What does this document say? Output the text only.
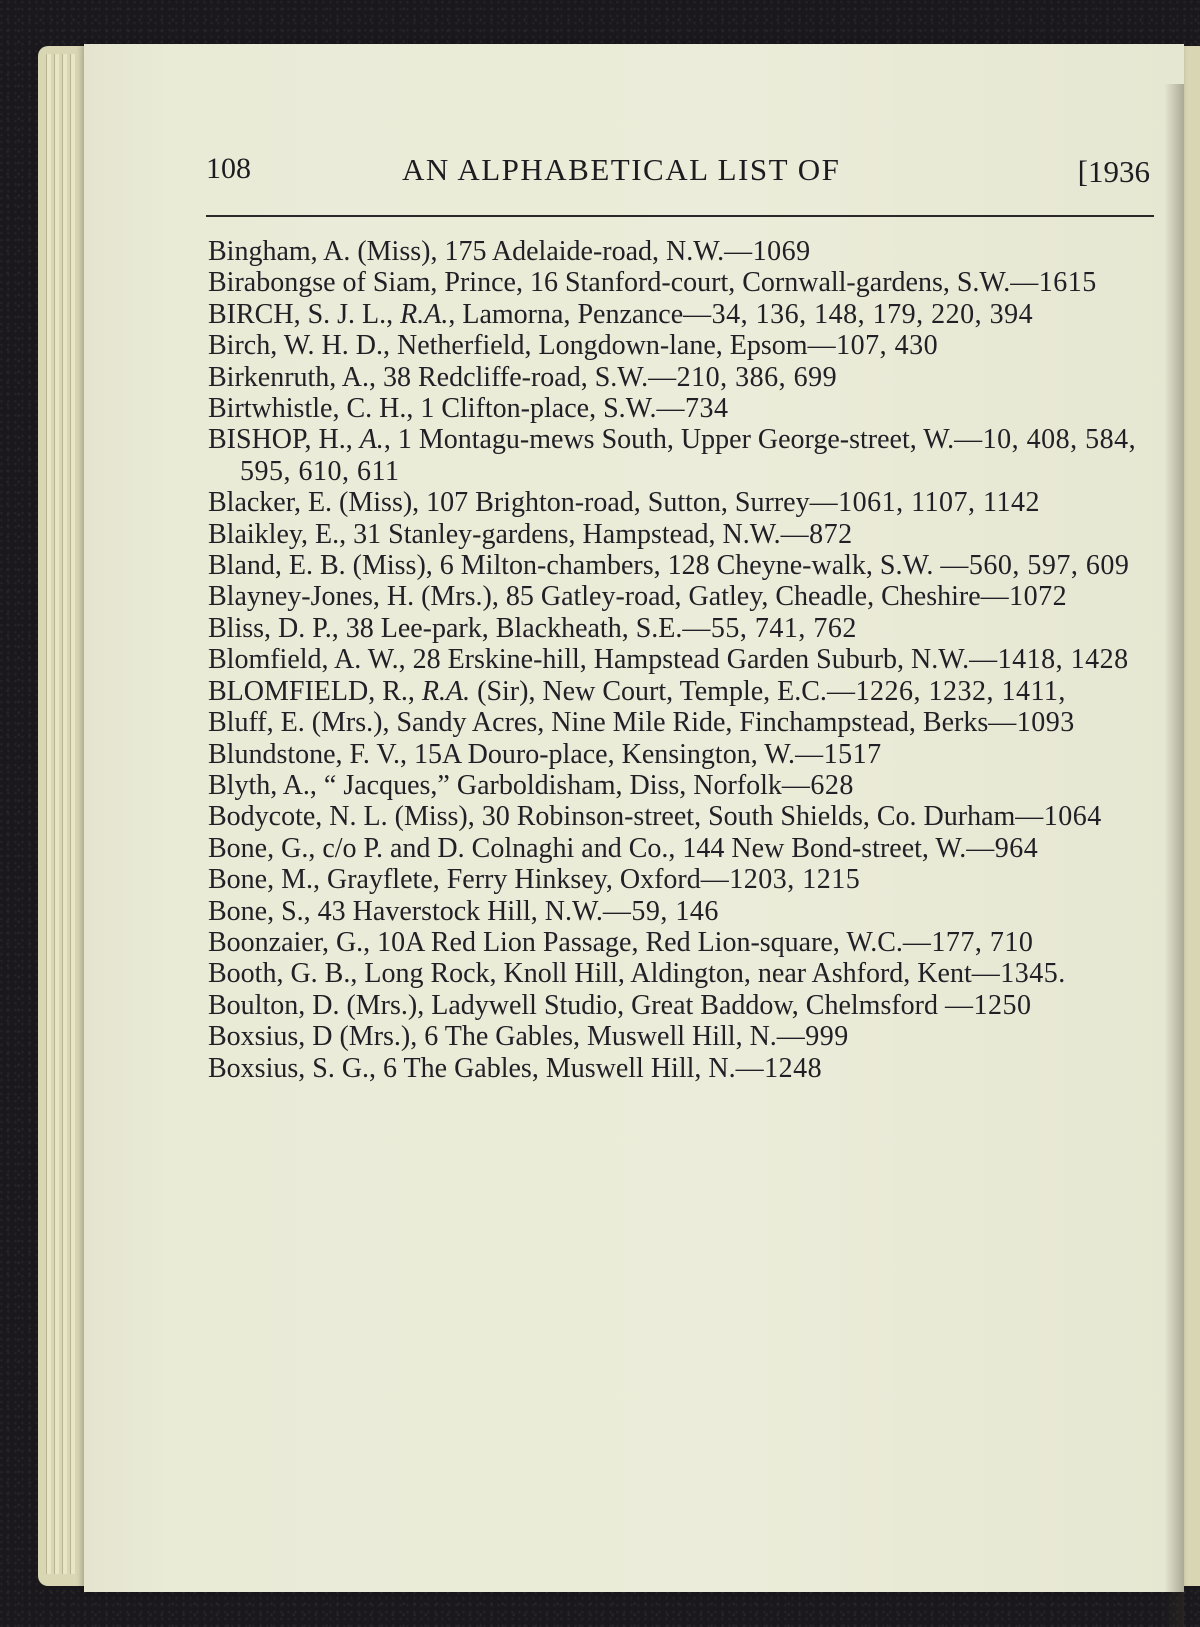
108	AN ALPHABETICAL LIST OF	[1936
Bingham, A. (Miss), 175 Adelaide-road, N.W.—1069
Birabongse of Siam, Prince, 16 Stanford-court, Cornwall-gardens, S.W.—1615
BIRCH, S. J. L., R.A., Lamorna, Penzance—34, 136, 148, 179, 220, 394
Birch, W. H. D., Netherfield, Longdown-lane, Epsom—107, 430
Birkenruth, A., 38 Redcliffe-road, S.W.—210, 386, 699
Birtwhistle, C. H., 1 Clifton-place, S.W.—734
BISHOP, H., A., 1 Montagu-mews South, Upper George-street, W.—10, 408, 584, 595, 610, 611
Blacker, E. (Miss), 107 Brighton-road, Sutton, Surrey—1061, 1107, 1142
Blaikley, E., 31 Stanley-gardens, Hampstead, N.W.—872
Bland, E. B. (Miss), 6 Milton-chambers, 128 Cheyne-walk, S.W. —560, 597, 609
Blayney-Jones, H. (Mrs.), 85 Gatley-road, Gatley, Cheadle, Cheshire—1072
Bliss, D. P., 38 Lee-park, Blackheath, S.E.—55, 741, 762
Blomfield, A. W., 28 Erskine-hill, Hampstead Garden Suburb, N.W.—1418, 1428
BLOMFIELD, R., R.A. (Sir), New Court, Temple, E.C.—1226, 1232, 1411,
Bluff, E. (Mrs.), Sandy Acres, Nine Mile Ride, Finchampstead, Berks—1093
Blundstone, F. V., 15A Douro-place, Kensington, W.—1517
Blyth, A., “ Jacques,” Garboldisham, Diss, Norfolk—628
Bodycote, N. L. (Miss), 30 Robinson-street, South Shields, Co. Durham—1064
Bone, G., c/o P. and D. Colnaghi and Co., 144 New Bond-street, W.—964
Bone, M., Grayflete, Ferry Hinksey, Oxford—1203, 1215
Bone, S., 43 Haverstock Hill, N.W.—59, 146
Boonzaier, G., 10A Red Lion Passage, Red Lion-square, W.C.—177, 710
Booth, G. B., Long Rock, Knoll Hill, Aldington, near Ashford, Kent—1345.
Boulton, D. (Mrs.), Ladywell Studio, Great Baddow, Chelmsford —1250
Boxsius, D (Mrs.), 6 The Gables, Muswell Hill, N.—999
Boxsius, S. G., 6 The Gables, Muswell Hill, N.—1248
